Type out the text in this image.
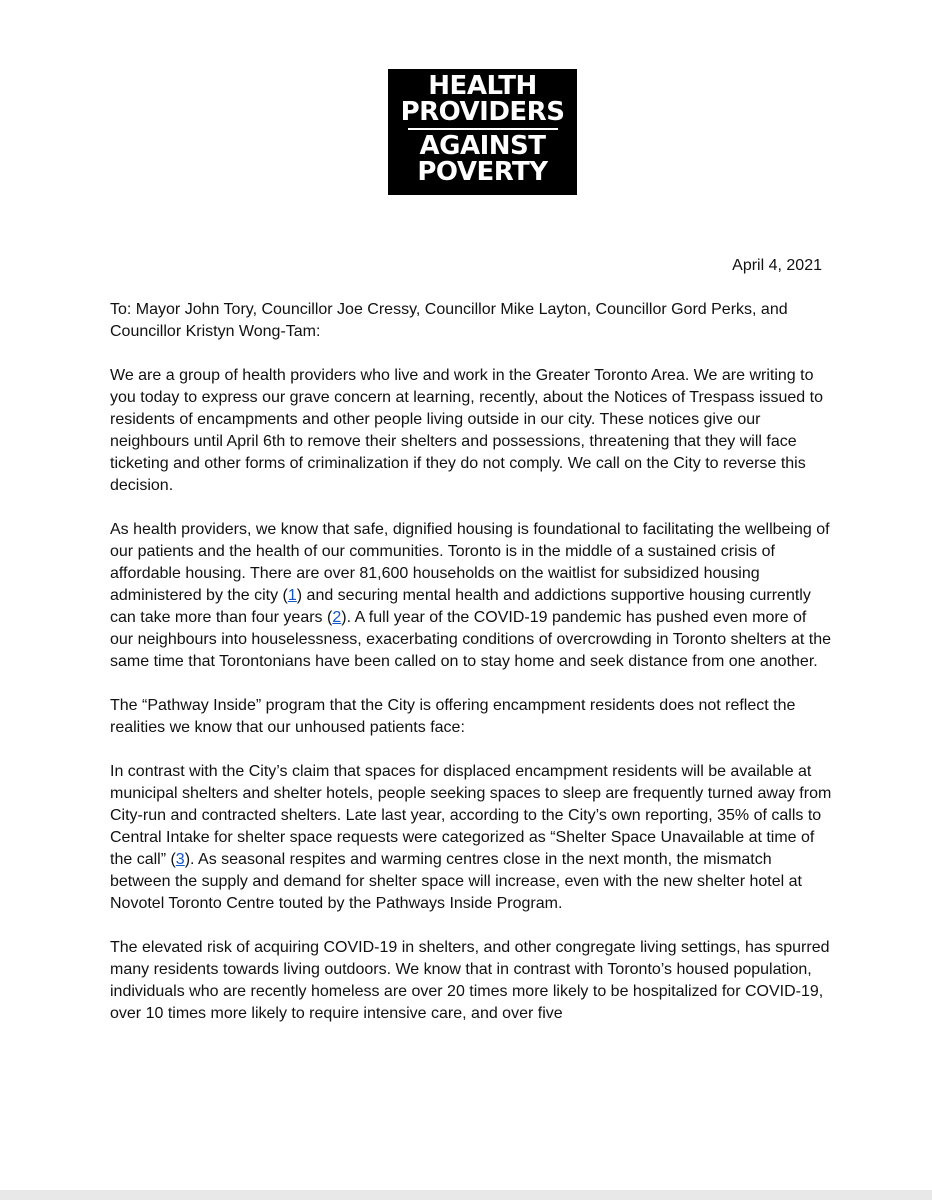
HEALTH
PROVIDERS
AGAINST
POVERTY
April 4, 2021

To: Mayor John Tory, Councillor Joe Cressy, Councillor Mike Layton, Councillor Gord Perks, and Councillor Kristyn Wong-Tam:

We are a group of health providers who live and work in the Greater Toronto Area. We are writing to you today to express our grave concern at learning, recently, about the Notices of Trespass issued to residents of encampments and other people living outside in our city. These notices give our neighbours until April 6th to remove their shelters and possessions, threatening that they will face ticketing and other forms of criminalization if they do not comply. We call on the City to reverse this decision.

As health providers, we know that safe, dignified housing is foundational to facilitating the wellbeing of our patients and the health of our communities. Toronto is in the middle of a sustained crisis of affordable housing. There are over 81,600 households on the waitlist for subsidized housing administered by the city (1) and securing mental health and addictions supportive housing currently can take more than four years (2). A full year of the COVID-19 pandemic has pushed even more of our neighbours into houselessness, exacerbating conditions of overcrowding in Toronto shelters at the same time that Torontonians have been called on to stay home and seek distance from one another.

The “Pathway Inside” program that the City is offering encampment residents does not reflect the realities we know that our unhoused patients face:

In contrast with the City’s claim that spaces for displaced encampment residents will be available at municipal shelters and shelter hotels, people seeking spaces to sleep are frequently turned away from City-run and contracted shelters. Late last year, according to the City’s own reporting, 35% of calls to Central Intake for shelter space requests were categorized as “Shelter Space Unavailable at time of the call” (3). As seasonal respites and warming centres close in the next month, the mismatch between the supply and demand for shelter space will increase, even with the new shelter hotel at Novotel Toronto Centre touted by the Pathways Inside Program.

The elevated risk of acquiring COVID-19 in shelters, and other congregate living settings, has spurred many residents towards living outdoors. We know that in contrast with Toronto’s housed population, individuals who are recently homeless are over 20 times more likely to be hospitalized for COVID-19, over 10 times more likely to require intensive care, and over five
